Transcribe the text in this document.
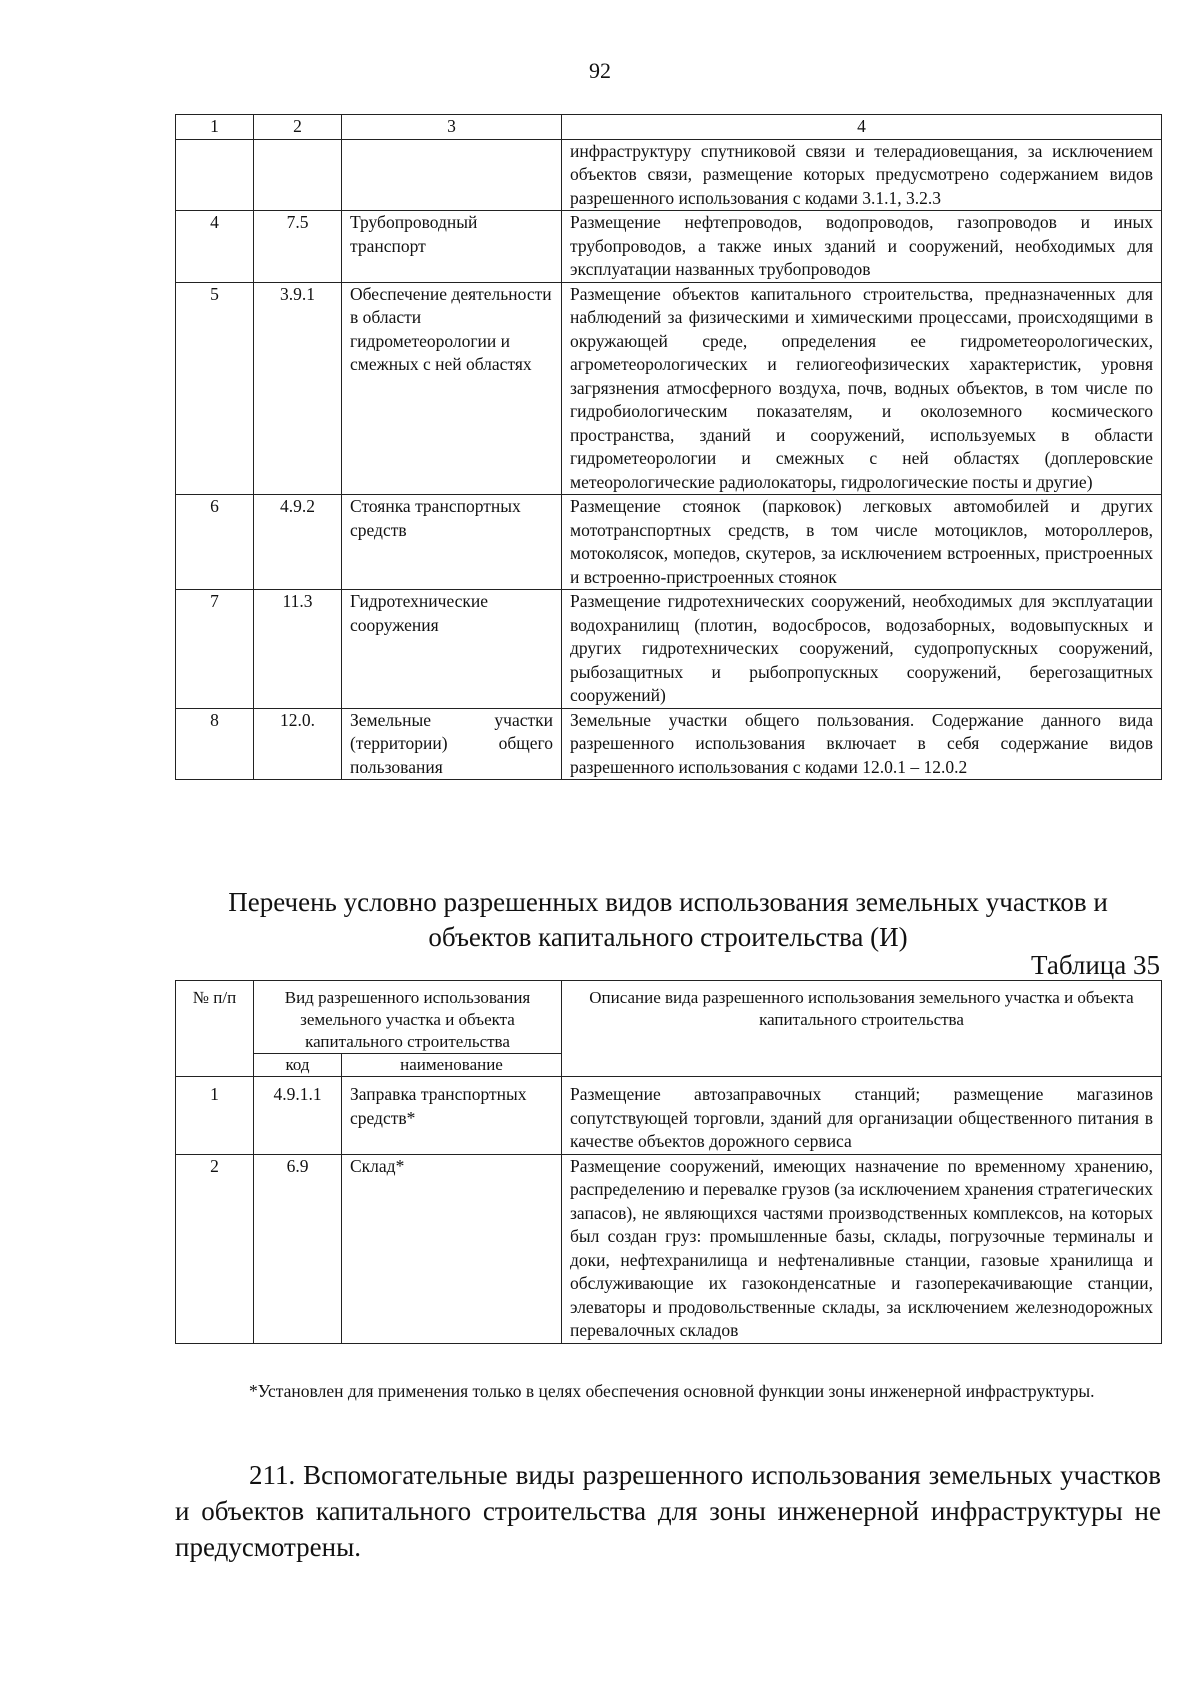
92
1	2	3	4
			инфраструктуру спутниковой связи и телерадиовещания, за исключением объектов связи, размещение которых предусмотрено содержанием видов разрешенного использования с кодами 3.1.1, 3.2.3
4	7.5	Трубопроводный транспорт	Размещение нефтепроводов, водопроводов, газопроводов и иных трубопроводов, а также иных зданий и сооружений, необходимых для эксплуатации названных трубопроводов
5	3.9.1	Обеспечение деятельности в области гидрометеорологии и смежных с ней областях	Размещение объектов капитального строительства, предназначенных для наблюдений за физическими и химическими процессами, происходящими в окружающей среде, определения ее гидрометеорологических, агрометеорологических и гелиогеофизических характеристик, уровня загрязнения атмосферного воздуха, почв, водных объектов, в том числе по гидробиологическим показателям, и околоземного космического пространства, зданий и сооружений, используемых в области гидрометеорологии и смежных с ней областях (доплеровские метеорологические радиолокаторы, гидрологические посты и другие)
6	4.9.2	Стоянка транспортных средств	Размещение стоянок (парковок) легковых автомобилей и других мототранспортных средств, в том числе мотоциклов, мотороллеров, мотоколясок, мопедов, скутеров, за исключением встроенных, пристроенных и встроенно-пристроенных стоянок
7	11.3	Гидротехнические сооружения	Размещение гидротехнических сооружений, необходимых для эксплуатации водохранилищ (плотин, водосбросов, водозаборных, водовыпускных и других гидротехнических сооружений, судопропускных сооружений, рыбозащитных и рыбопропускных сооружений, берегозащитных сооружений)
8	12.0.	Земельные участки (территории) общего пользования	Земельные участки общего пользования. Содержание данного вида разрешенного использования включает в себя содержание видов разрешенного использования с кодами 12.0.1 – 12.0.2
Перечень условно разрешенных видов использования земельных участков и объектов капитального строительства (И)
Таблица 35
№ п/п	Вид разрешенного использования земельного участка и объекта капитального строительства		Описание вида разрешенного использования земельного участка и объекта капитального строительства
	код	наименование	
1	4.9.1.1	Заправка транспортных средств*	Размещение автозаправочных станций; размещение магазинов сопутствующей торговли, зданий для организации общественного питания в качестве объектов дорожного сервиса
2	6.9	Склад*	Размещение сооружений, имеющих назначение по временному хранению, распределению и перевалке грузов (за исключением хранения стратегических запасов), не являющихся частями производственных комплексов, на которых был создан груз: промышленные базы, склады, погрузочные терминалы и доки, нефтехранилища и нефтеналивные станции, газовые хранилища и обслуживающие их газоконденсатные и газоперекачивающие станции, элеваторы и продовольственные склады, за исключением железнодорожных перевалочных складов
*Установлен для применения только в целях обеспечения основной функции зоны инженерной инфраструктуры.
211. Вспомогательные виды разрешенного использования земельных участков и объектов капитального строительства для зоны инженерной инфраструктуры не предусмотрены.
